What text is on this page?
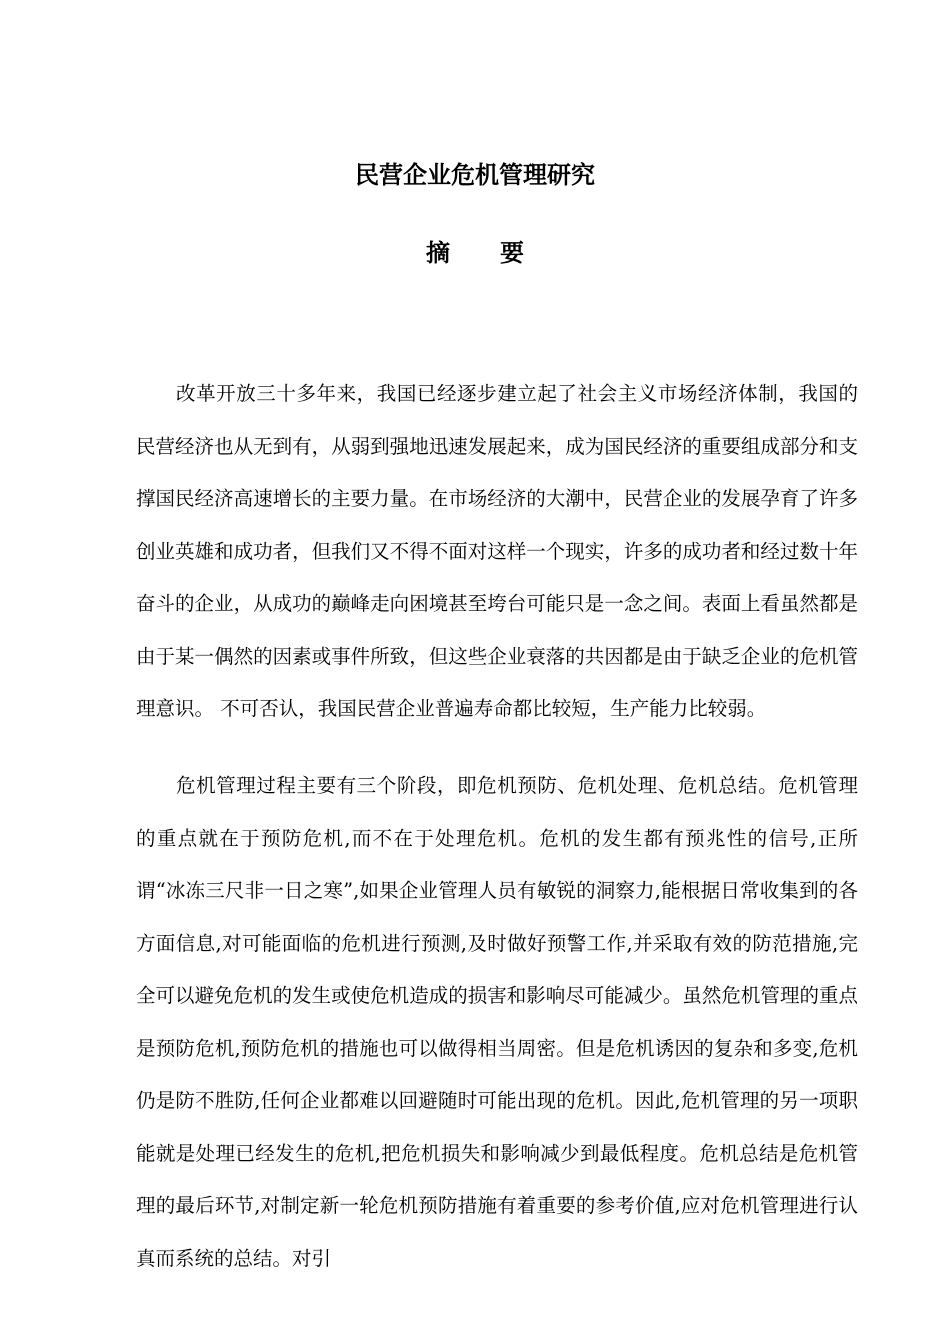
民营企业危机管理研究
摘 要

改革开放三十多年来，我国已经逐步建立起了社会主义市场经济体制，我国的民营经济也从无到有，从弱到强地迅速发展起来，成为国民经济的重要组成部分和支撑国民经济高速增长的主要力量。在市场经济的大潮中，民营企业的发展孕育了许多创业英雄和成功者，但我们又不得不面对这样一个现实，许多的成功者和经过数十年奋斗的企业，从成功的巅峰走向困境甚至垮台可能只是一念之间。表面上看虽然都是由于某一偶然的因素或事件所致，但这些企业衰落的共因都是由于缺乏企业的危机管理意识。 不可否认，我国民营企业普遍寿命都比较短，生产能力比较弱。

危机管理过程主要有三个阶段，即危机预防、危机处理、危机总结。危机管理的重点就在于预防危机,而不在于处理危机。危机的发生都有预兆性的信号,正所谓“冰冻三尺非一日之寒”,如果企业管理人员有敏锐的洞察力,能根据日常收集到的各方面信息,对可能面临的危机进行预测,及时做好预警工作,并采取有效的防范措施,完全可以避免危机的发生或使危机造成的损害和影响尽可能减少。虽然危机管理的重点是预防危机,预防危机的措施也可以做得相当周密。但是危机诱因的复杂和多变,危机仍是防不胜防,任何企业都难以回避随时可能出现的危机。因此,危机管理的另一项职能就是处理已经发生的危机,把危机损失和影响减少到最低程度。危机总结是危机管理的最后环节,对制定新一轮危机预防措施有着重要的参考价值,应对危机管理进行认真而系统的总结。对引
